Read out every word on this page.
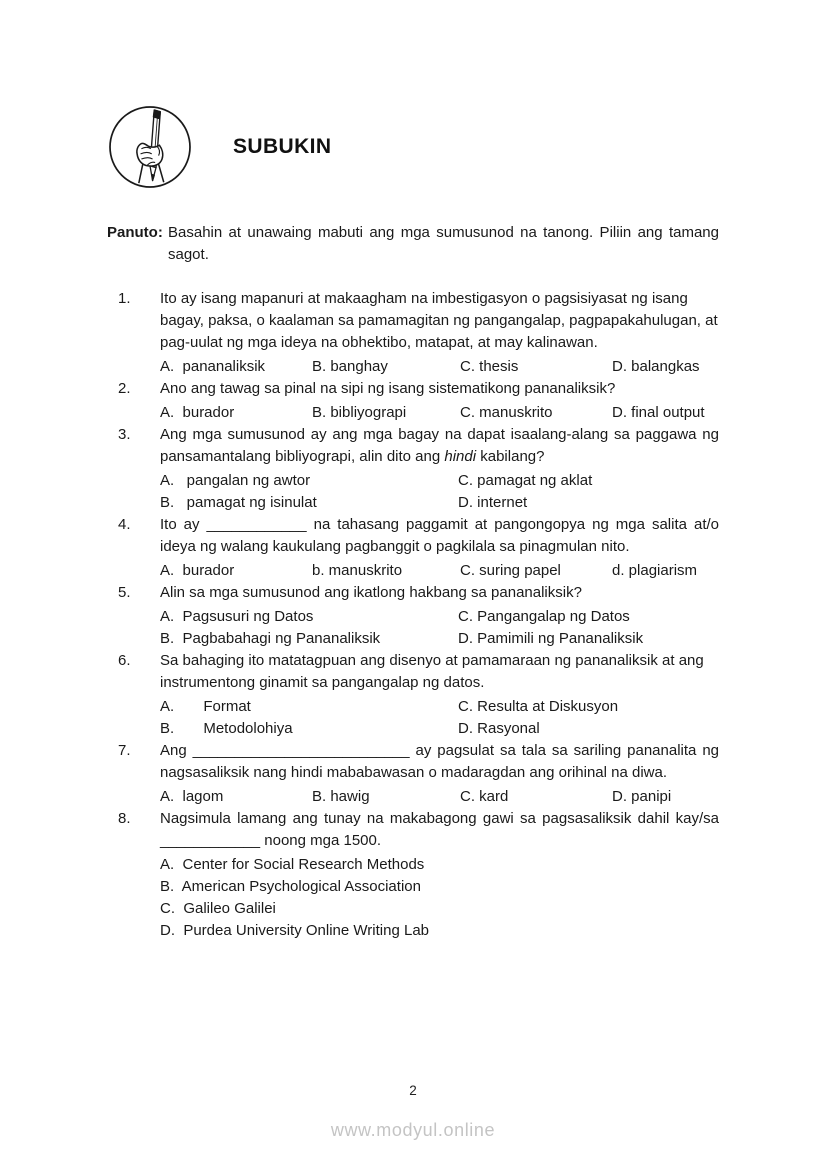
SUBUKIN
Panuto: Basahin at unawaing mabuti ang mga sumusunod na tanong. Piliin ang tamang sagot.
1.	Ito ay isang mapanuri at makaagham na imbestigasyon o pagsisiyasat ng isang bagay, paksa, o kaalaman sa pamamagitan ng pangangalap, pagpapakahulugan, at pag-uulat ng mga ideya na obhektibo, matapat, at may kalinawan.

A.  pananaliksik	B. banghay	C. thesis	D. balangkas
2.	Ano ang tawag sa pinal na sipi ng isang sistematikong pananaliksik?

A.  burador	B. bibliyograpi	C. manuskrito	D. final output
3.	Ang mga sumusunod ay ang mga bagay na dapat isaalang-alang sa paggawa ng pansamantalang bibliyograpi, alin dito ang hindi kabilang?

A.   pangalan ng awtor	C. pamagat ng aklat
B.   pamagat ng isinulat	D. internet
4.	Ito ay ____________ na tahasang paggamit at pangongopya ng mga salita at/o ideya ng walang kaukulang pagbanggit o pagkilala sa pinagmulan nito.

A.  burador	b. manuskrito	C. suring papel	d. plagiarism
5.	Alin sa mga sumusunod ang ikatlong hakbang sa pananaliksik?

A.  Pagsusuri ng Datos	C. Pangangalap ng Datos
B.  Pagbabahagi ng Pananaliksik	D. Pamimili ng Pananaliksik
6.	Sa bahaging ito matatagpuan ang disenyo at pamamaraan ng pananaliksik at ang instrumentong ginamit sa pangangalap ng datos.

A.       Format	C. Resulta at Diskusyon
B.       Metodolohiya	D. Rasyonal
7.	Ang __________________________ ay pagsulat sa tala sa sariling pananalita ng nagsasaliksik nang hindi mababawasan o madaragdan ang orihinal na diwa.

A.  lagom	B. hawig	C. kard	D. panipi
8.	Nagsimula lamang ang tunay na makabagong gawi sa pagsasaliksik dahil kay/sa ____________ noong mga 1500.

A.  Center for Social Research Methods
B.  American Psychological Association
C.  Galileo Galilei
D.  Purdea University Online Writing Lab
2
www.modyul.online
